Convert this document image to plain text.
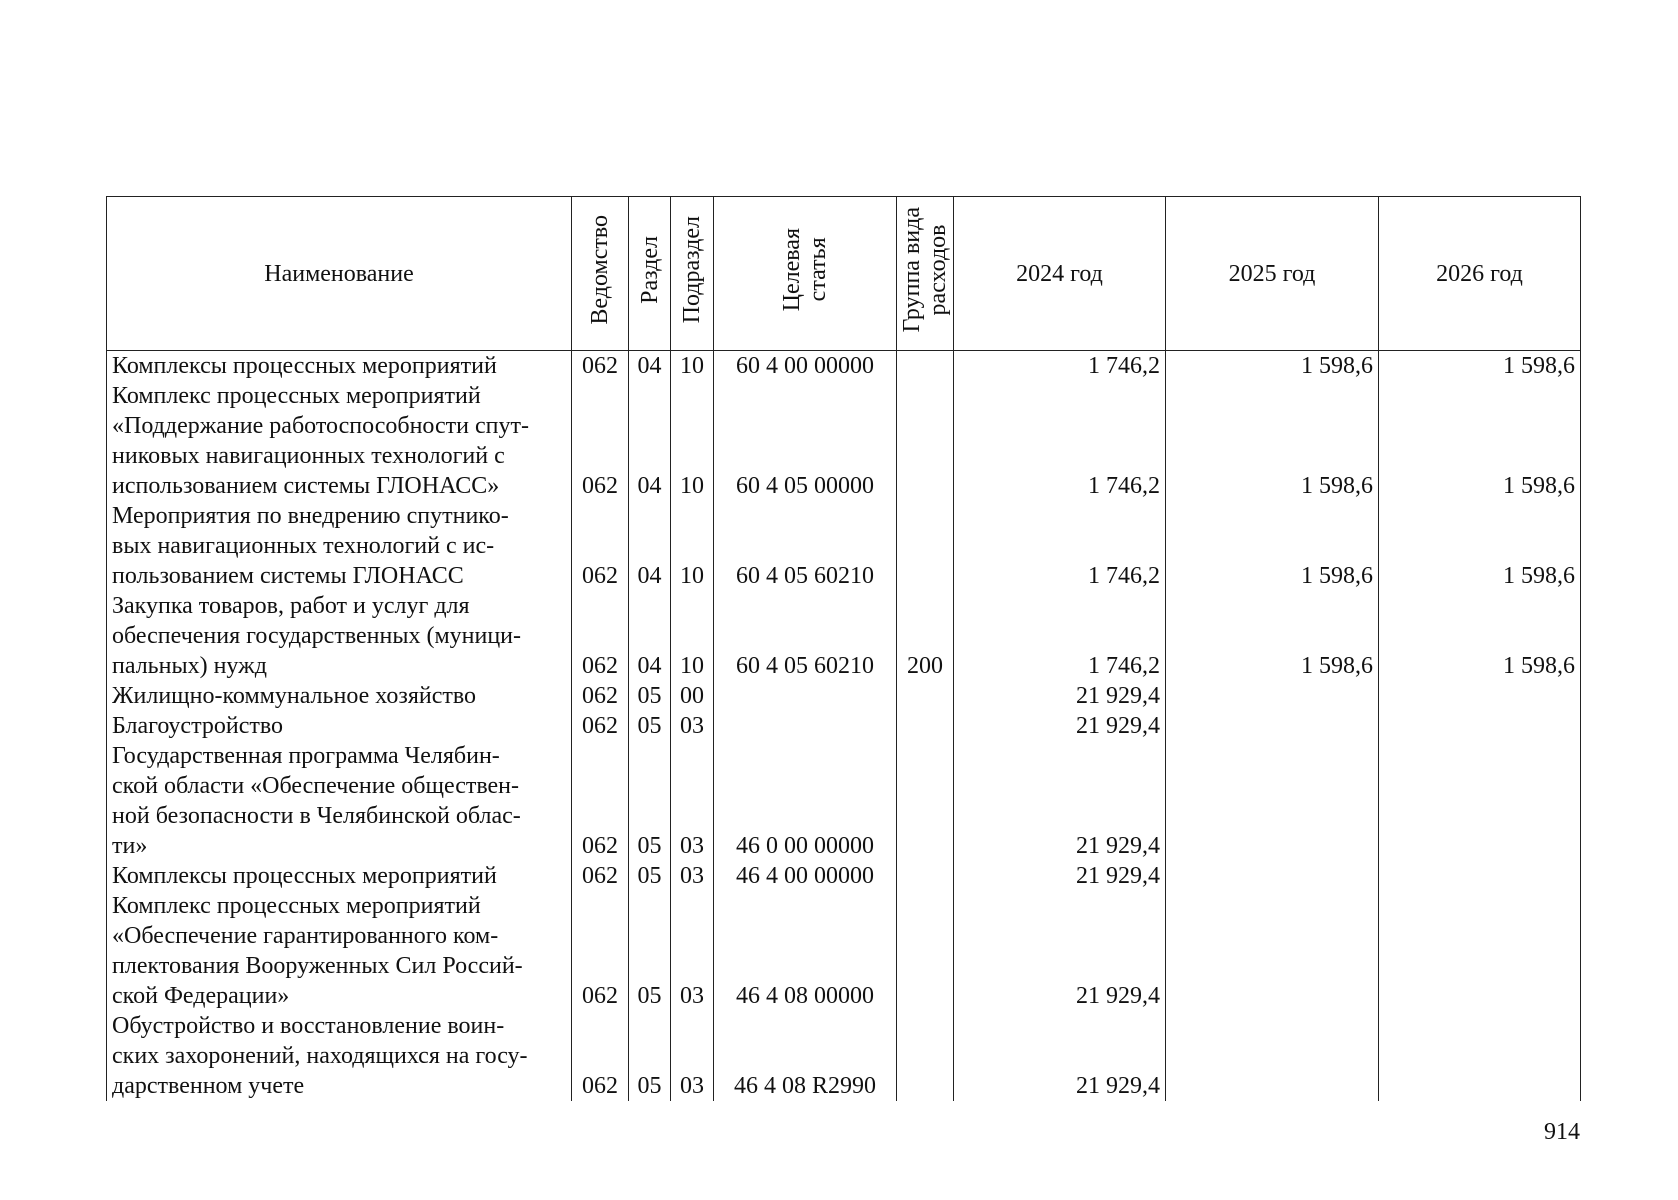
Наименование	Ведомство	Раздел	Подраздел	Целевая статья	Группа вида расходов	2024 год	2025 год	2026 год

Комплексы процессных мероприятий	062	04	10	60 4 00 00000		1 746,2	1 598,6	1 598,6

Комплекс процессных мероприятий
«Поддержание работоспособности спут-
никовых навигационных технологий с
использованием системы ГЛОНАСС»	062	04	10	60 4 05 00000		1 746,2	1 598,6	1 598,6

Мероприятия по внедрению спутнико-
вых навигационных технологий с ис-
пользованием системы ГЛОНАСС	062	04	10	60 4 05 60210		1 746,2	1 598,6	1 598,6

Закупка товаров, работ и услуг для
обеспечения государственных (муници-
пальных) нужд	062	04	10	60 4 05 60210	200	1 746,2	1 598,6	1 598,6

Жилищно-коммунальное хозяйство	062	05	00			21 929,4		

Благоустройство	062	05	03			21 929,4		

Государственная программа Челябин-
ской области «Обеспечение обществен-
ной безопасности в Челябинской облас-
ти»	062	05	03	46 0 00 00000		21 929,4		

Комплексы процессных мероприятий	062	05	03	46 4 00 00000		21 929,4		

Комплекс процессных мероприятий
«Обеспечение гарантированного ком-
плектования Вооруженных Сил Россий-
ской Федерации»	062	05	03	46 4 08 00000		21 929,4		

Обустройство и восстановление воин-
ских захоронений, находящихся на госу-
дарственном учете	062	05	03	46 4 08 R2990		21 929,4		
914
